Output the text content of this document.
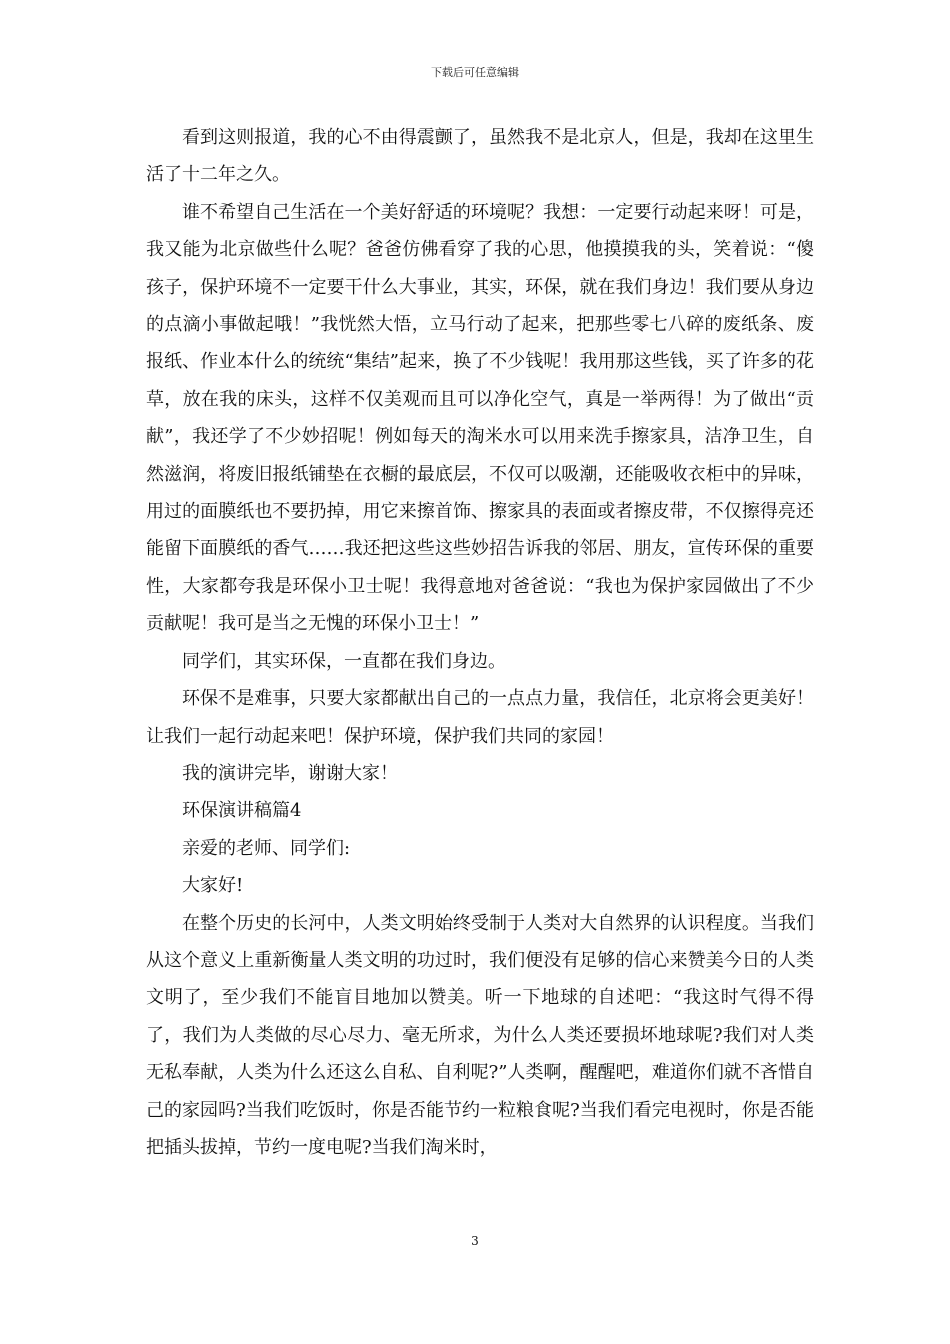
下载后可任意编辑

看到这则报道，我的心不由得震颤了，虽然我不是北京人，但是，我却在这里生活了十二年之久。

谁不希望自己生活在一个美好舒适的环境呢？我想：一定要行动起来呀！可是，我又能为北京做些什么呢？爸爸仿佛看穿了我的心思，他摸摸我的头，笑着说：“傻孩子，保护环境不一定要干什么大事业，其实，环保，就在我们身边！我们要从身边的点滴小事做起哦！”我恍然大悟，立马行动了起来，把那些零七八碎的废纸条、废报纸、作业本什么的统统“集结”起来，换了不少钱呢！我用那这些钱，买了许多的花草，放在我的床头，这样不仅美观而且可以净化空气，真是一举两得！为了做出“贡献”，我还学了不少妙招呢！例如每天的淘米水可以用来洗手擦家具，洁净卫生，自然滋润，将废旧报纸铺垫在衣橱的最底层，不仅可以吸潮，还能吸收衣柜中的异味，用过的面膜纸也不要扔掉，用它来擦首饰、擦家具的表面或者擦皮带，不仅擦得亮还能留下面膜纸的香气……我还把这些这些妙招告诉我的邻居、朋友，宣传环保的重要性，大家都夸我是环保小卫士呢！我得意地对爸爸说：“我也为保护家园做出了不少贡献呢！我可是当之无愧的环保小卫士！”

同学们，其实环保，一直都在我们身边。

环保不是难事，只要大家都献出自己的一点点力量，我信任，北京将会更美好！让我们一起行动起来吧！保护环境，保护我们共同的家园！

我的演讲完毕，谢谢大家！

环保演讲稿篇4

亲爱的老师、同学们:

大家好!

在整个历史的长河中，人类文明始终受制于人类对大自然界的认识程度。当我们从这个意义上重新衡量人类文明的功过时，我们便没有足够的信心来赞美今日的人类文明了，至少我们不能盲目地加以赞美。听一下地球的自述吧：“我这时气得不得了，我们为人类做的尽心尽力、毫无所求，为什么人类还要损坏地球呢?我们对人类无私奉献，人类为什么还这么自私、自利呢?”人类啊，醒醒吧，难道你们就不吝惜自己的家园吗?当我们吃饭时，你是否能节约一粒粮食呢?当我们看完电视时，你是否能把插头拔掉，节约一度电呢?当我们淘米时，

3
